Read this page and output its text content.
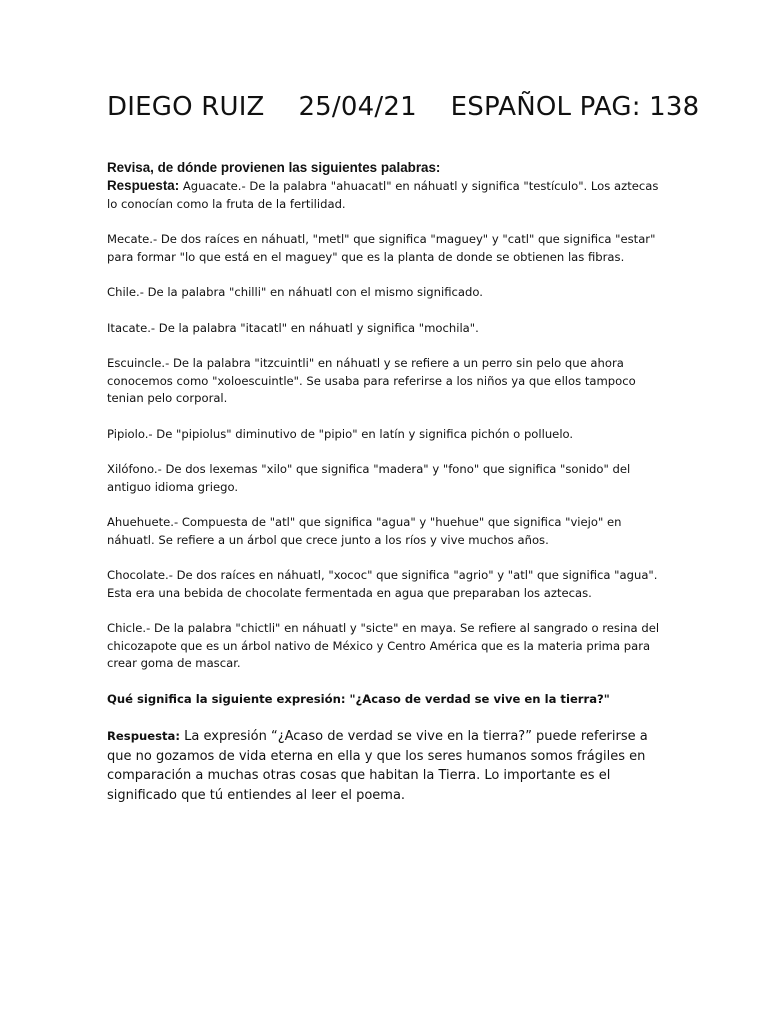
DIEGO RUIZ 25/04/21 ESPAÑOL PAG: 138

Revisa, de dónde provienen las siguientes palabras:

Respuesta: Aguacate.- De la palabra "ahuacatl" en náhuatl y significa "testículo". Los aztecas lo conocían como la fruta de la fertilidad.

Mecate.- De dos raíces en náhuatl, "metl" que significa "maguey" y "catl" que significa "estar" para formar "lo que está en el maguey" que es la planta de donde se obtienen las fibras.

Chile.- De la palabra "chilli" en náhuatl con el mismo significado.

Itacate.- De la palabra "itacatl" en náhuatl y significa "mochila".

Escuincle.- De la palabra "itzcuintli" en náhuatl y se refiere a un perro sin pelo que ahora conocemos como "xoloescuintle". Se usaba para referirse a los niños ya que ellos tampoco tenian pelo corporal.

Pipiolo.- De "pipiolus" diminutivo de "pipio" en latín y significa pichón o polluelo.

Xilófono.- De dos lexemas "xilo" que significa "madera" y "fono" que significa "sonido" del antiguo idioma griego.

Ahuehuete.- Compuesta de "atl" que significa "agua" y "huehue" que significa "viejo" en náhuatl. Se refiere a un árbol que crece junto a los ríos y vive muchos años.

Chocolate.- De dos raíces en náhuatl, "xococ" que significa "agrio" y "atl" que significa "agua". Esta era una bebida de chocolate fermentada en agua que preparaban los aztecas.

Chicle.- De la palabra "chictli" en náhuatl y "sicte" en maya. Se refiere al sangrado o resina del chicozapote que es un árbol nativo de México y Centro América que es la materia prima para crear goma de mascar.

Qué significa la siguiente expresión: "¿Acaso de verdad se vive en la tierra?"

Respuesta: La expresión “¿Acaso de verdad se vive en la tierra?” puede referirse a que no gozamos de vida eterna en ella y que los seres humanos somos frágiles en comparación a muchas otras cosas que habitan la Tierra. Lo importante es el significado que tú entiendes al leer el poema.
